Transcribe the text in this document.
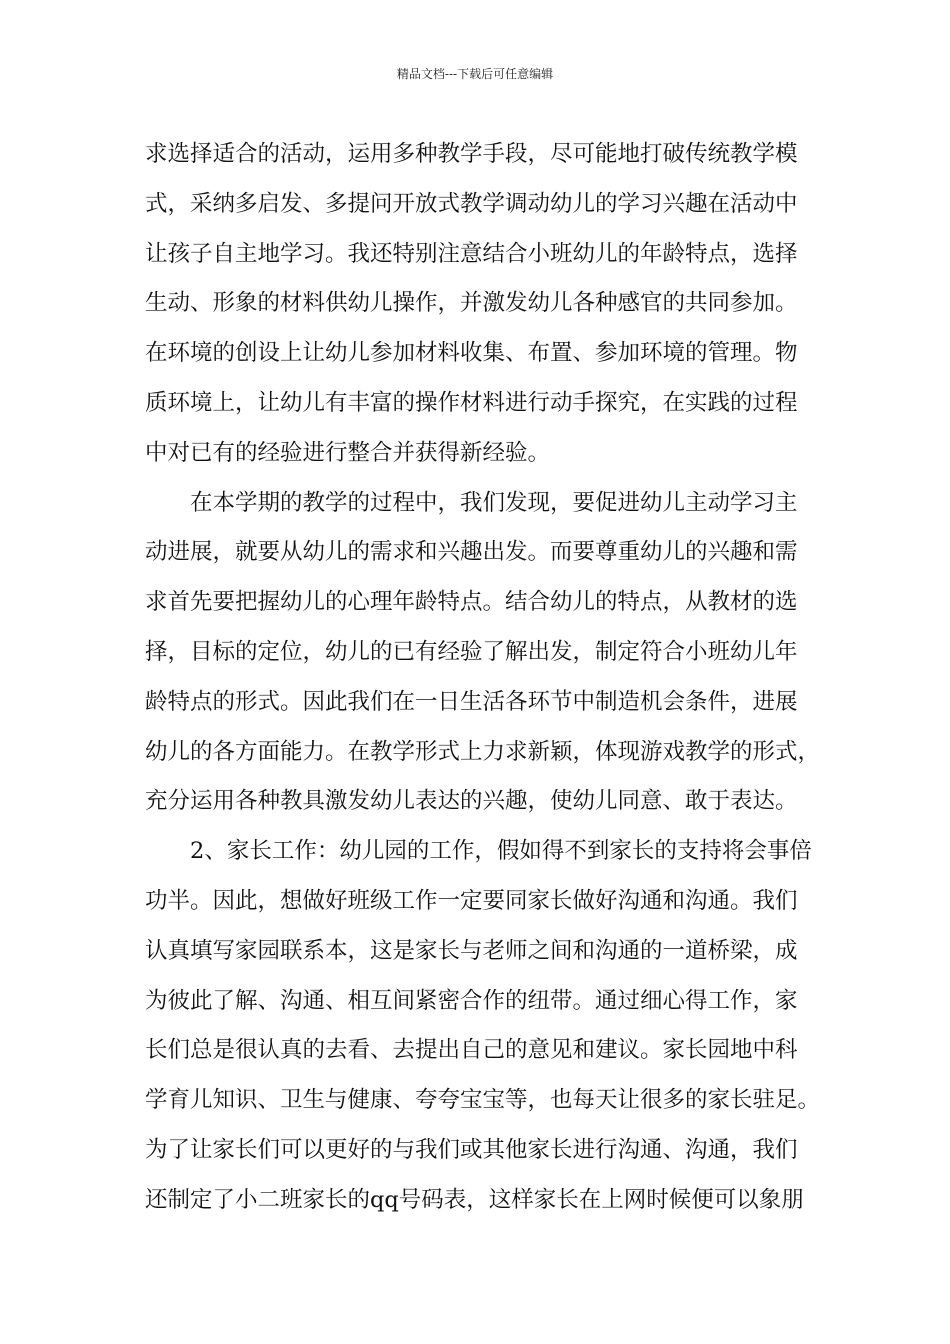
精品文档---下载后可任意编辑
求选择适合的活动，运用多种教学手段，尽可能地打破传统教学模
式，采纳多启发、多提问开放式教学调动幼儿的学习兴趣在活动中
让孩子自主地学习。我还特别注意结合小班幼儿的年龄特点，选择
生动、形象的材料供幼儿操作，并激发幼儿各种感官的共同参加。
在环境的创设上让幼儿参加材料收集、布置、参加环境的管理。物
质环境上，让幼儿有丰富的操作材料进行动手探究，在实践的过程
中对已有的经验进行整合并获得新经验。
在本学期的教学的过程中，我们发现，要促进幼儿主动学习主
动进展，就要从幼儿的需求和兴趣出发。而要尊重幼儿的兴趣和需
求首先要把握幼儿的心理年龄特点。结合幼儿的特点，从教材的选
择，目标的定位，幼儿的已有经验了解出发，制定符合小班幼儿年
龄特点的形式。因此我们在一日生活各环节中制造机会条件，进展
幼儿的各方面能力。在教学形式上力求新颖，体现游戏教学的形式，
充分运用各种教具激发幼儿表达的兴趣，使幼儿同意、敢于表达。
2、家长工作：幼儿园的工作，假如得不到家长的支持将会事倍
功半。因此，想做好班级工作一定要同家长做好沟通和沟通。我们
认真填写家园联系本，这是家长与老师之间和沟通的一道桥梁，成
为彼此了解、沟通、相互间紧密合作的纽带。通过细心得工作，家
长们总是很认真的去看、去提出自己的意见和建议。家长园地中科
学育儿知识、卫生与健康、夸夸宝宝等，也每天让很多的家长驻足。
为了让家长们可以更好的与我们或其他家长进行沟通、沟通，我们
还制定了小二班家长的qq号码表，这样家长在上网时候便可以象朋
